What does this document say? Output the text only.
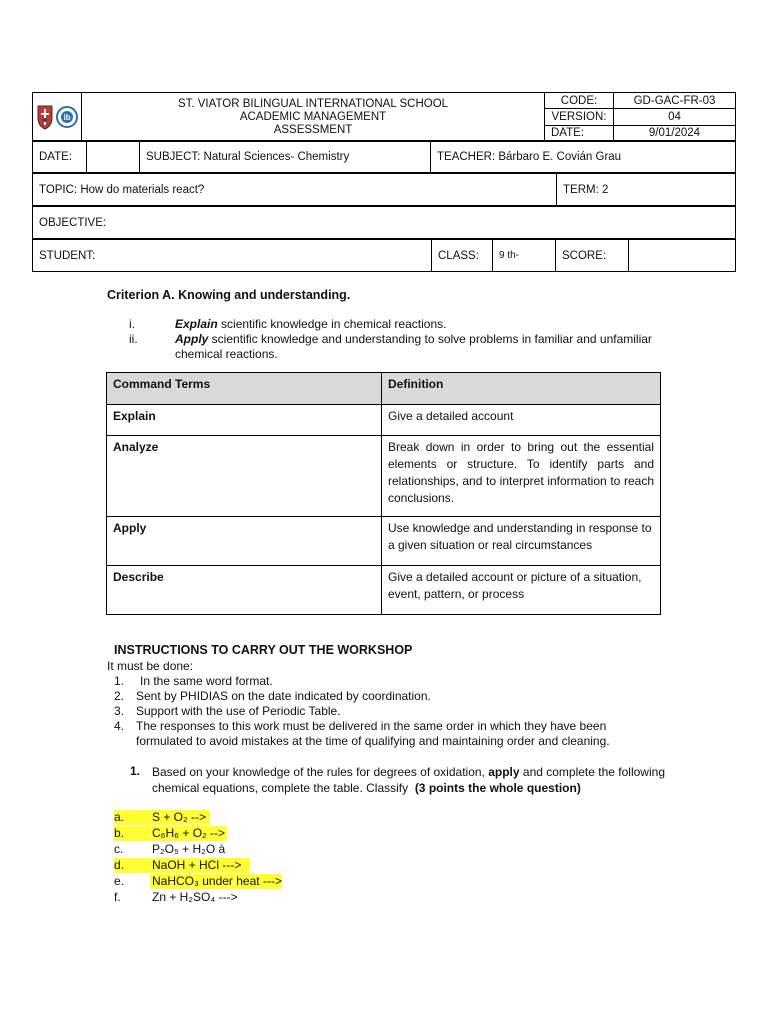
ib	ST. VIATOR BILINGUAL INTERNATIONAL SCHOOL
ACADEMIC MANAGEMENT
ASSESSMENT	CODE:	GD-GAC-FR-03
		VERSION:	04
		DATE:	9/01/2024
DATE:		SUBJECT: Natural Sciences- Chemistry	TEACHER: Bárbaro E. Covián Grau
TOPIC: How do materials react?	TERM: 2
OBJECTIVE:
STUDENT:	CLASS:	9 th-	SCORE:	
Criterion A. Knowing and understanding.
i.	Explain scientific knowledge in chemical reactions.
ii.	Apply scientific knowledge and understanding to solve problems in familiar and unfamiliar chemical reactions.
Command Terms	Definition
Explain	Give a detailed account
Analyze	Break down in order to bring out the essential elements or structure. To identify parts and relationships, and to interpret information to reach conclusions.
Apply	Use knowledge and understanding in response to a given situation or real circumstances
Describe	Give a detailed account or picture of a situation, event, pattern, or process
INSTRUCTIONS TO CARRY OUT THE WORKSHOP
It must be done:
1. In the same word format.
2. Sent by PHIDIAS on the date indicated by coordination.
3. Support with the use of Periodic Table.
4. The responses to this work must be delivered in the same order in which they have been formulated to avoid mistakes at the time of qualifying and maintaining order and cleaning.
1. Based on your knowledge of the rules for degrees of oxidation, apply and complete the following chemical equations, complete the table. Classify (3 points the whole question)
a. S + O₂ -->
b. C₆H₆ + O₂ -->
c. P₂O₅ + H₂O à
d. NaOH + HCl --->
e. NaHCO₃ under heat --->
f.	Zn + H₂SO₄ --->
